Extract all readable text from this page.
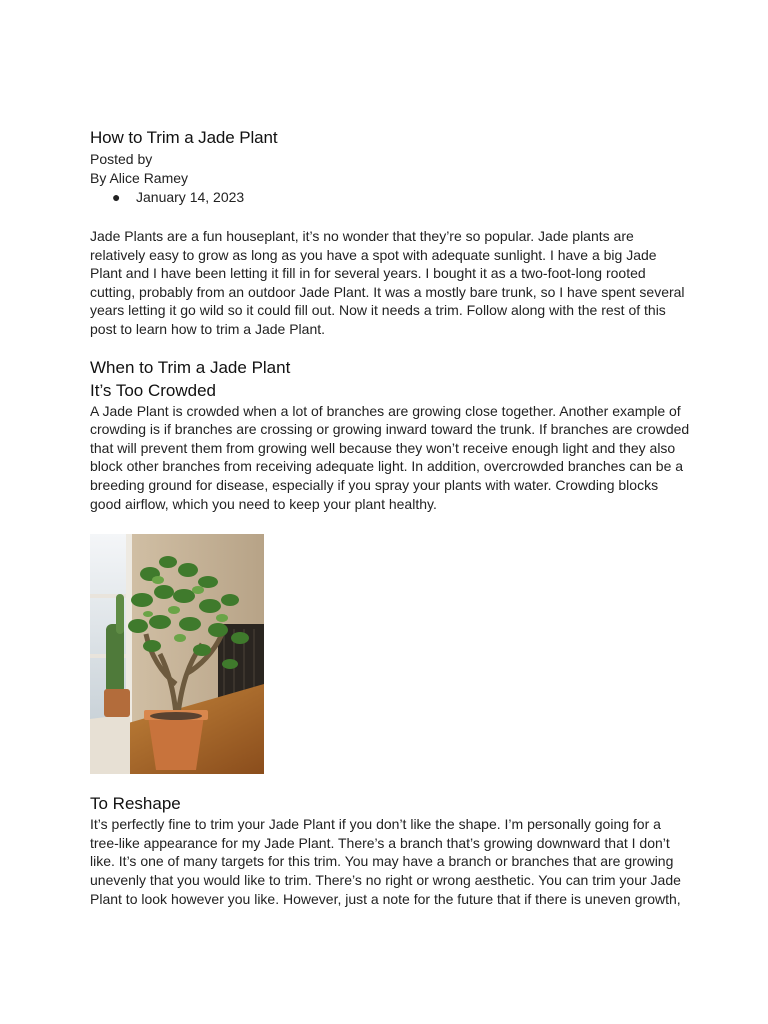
How to Trim a Jade Plant
Posted by
By Alice Ramey
● January 14, 2023

Jade Plants are a fun houseplant, it’s no wonder that they’re so popular. Jade plants are relatively easy to grow as long as you have a spot with adequate sunlight. I have a big Jade Plant and I have been letting it fill in for several years. I bought it as a two-foot-long rooted cutting, probably from an outdoor Jade Plant. It was a mostly bare trunk, so I have spent several years letting it go wild so it could fill out. Now it needs a trim. Follow along with the rest of this post to learn how to trim a Jade Plant.

When to Trim a Jade Plant
It’s Too Crowded

A Jade Plant is crowded when a lot of branches are growing close together. Another example of crowding is if branches are crossing or growing inward toward the trunk. If branches are crowded that will prevent them from growing well because they won’t receive enough light and they also block other branches from receiving adequate light. In addition, overcrowded branches can be a breeding ground for disease, especially if you spray your plants with water. Crowding blocks good airflow, which you need to keep your plant healthy.

To Reshape

It’s perfectly fine to trim your Jade Plant if you don’t like the shape. I’m personally going for a tree-like appearance for my Jade Plant. There’s a branch that’s growing downward that I don’t like. It’s one of many targets for this trim. You may have a branch or branches that are growing unevenly that you would like to trim. There’s no right or wrong aesthetic. You can trim your Jade Plant to look however you like. However, just a note for the future that if there is uneven growth,
